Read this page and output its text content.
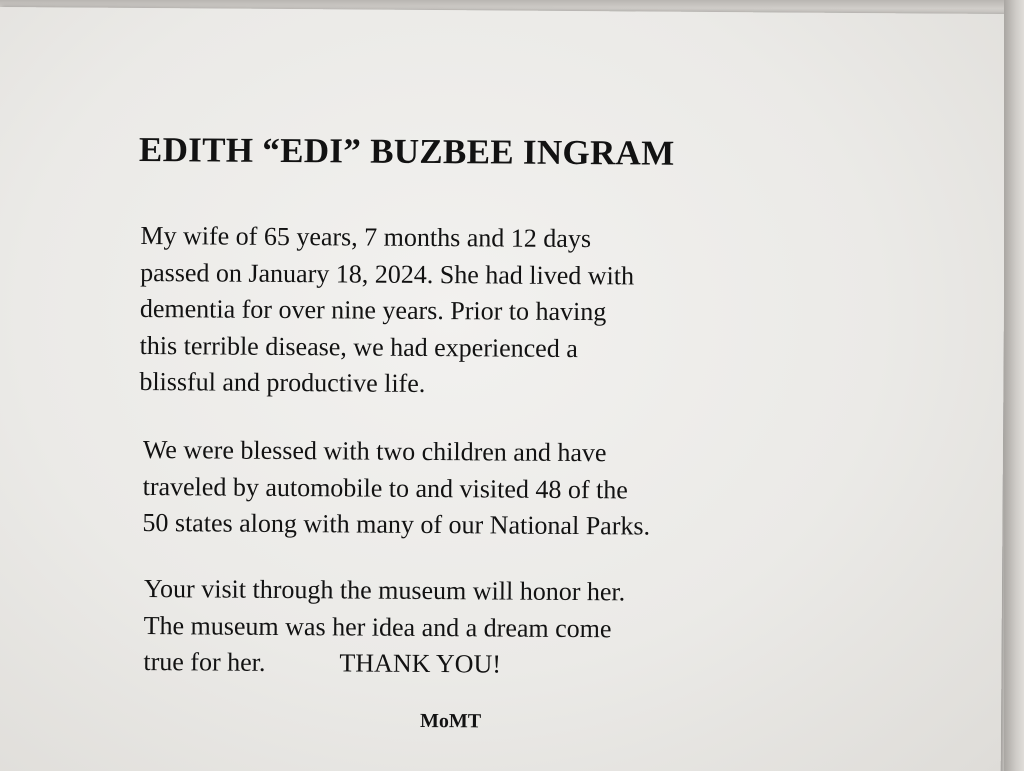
EDITH “EDI” BUZBEE INGRAM
My wife of 65 years, 7 months and 12 days
passed on January 18, 2024. She had lived with
dementia for over nine years. Prior to having
this terrible disease, we had experienced a
blissful and productive life.
We were blessed with two children and have
traveled by automobile to and visited 48 of the
50 states along with many of our National Parks.
Your visit through the museum will honor her.
The museum was her idea and a dream come
true for her.	THANK YOU!
MoMT
